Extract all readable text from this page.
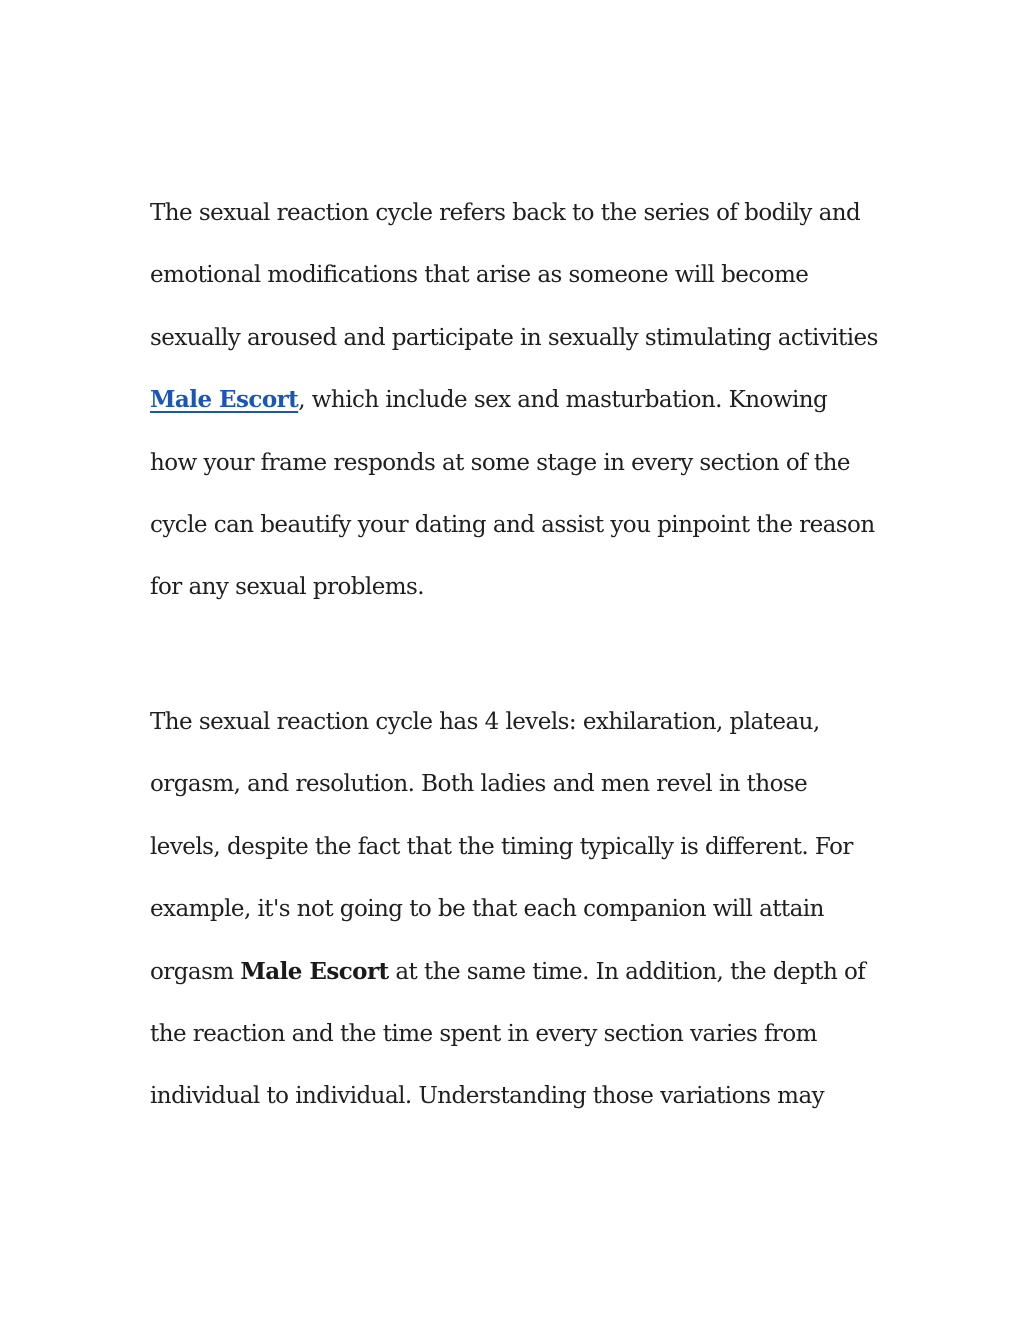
The sexual reaction cycle refers back to the series of bodily and
emotional modifications that arise as someone will become
sexually aroused and participate in sexually stimulating activities
Male Escort, which include sex and masturbation. Knowing
how your frame responds at some stage in every section of the
cycle can beautify your dating and assist you pinpoint the reason
for any sexual problems.
The sexual reaction cycle has 4 levels: exhilaration, plateau,
orgasm, and resolution. Both ladies and men revel in those
levels, despite the fact that the timing typically is different. For
example, it's not going to be that each companion will attain
orgasm Male Escort at the same time. In addition, the depth of
the reaction and the time spent in every section varies from
individual to individual. Understanding those variations may
